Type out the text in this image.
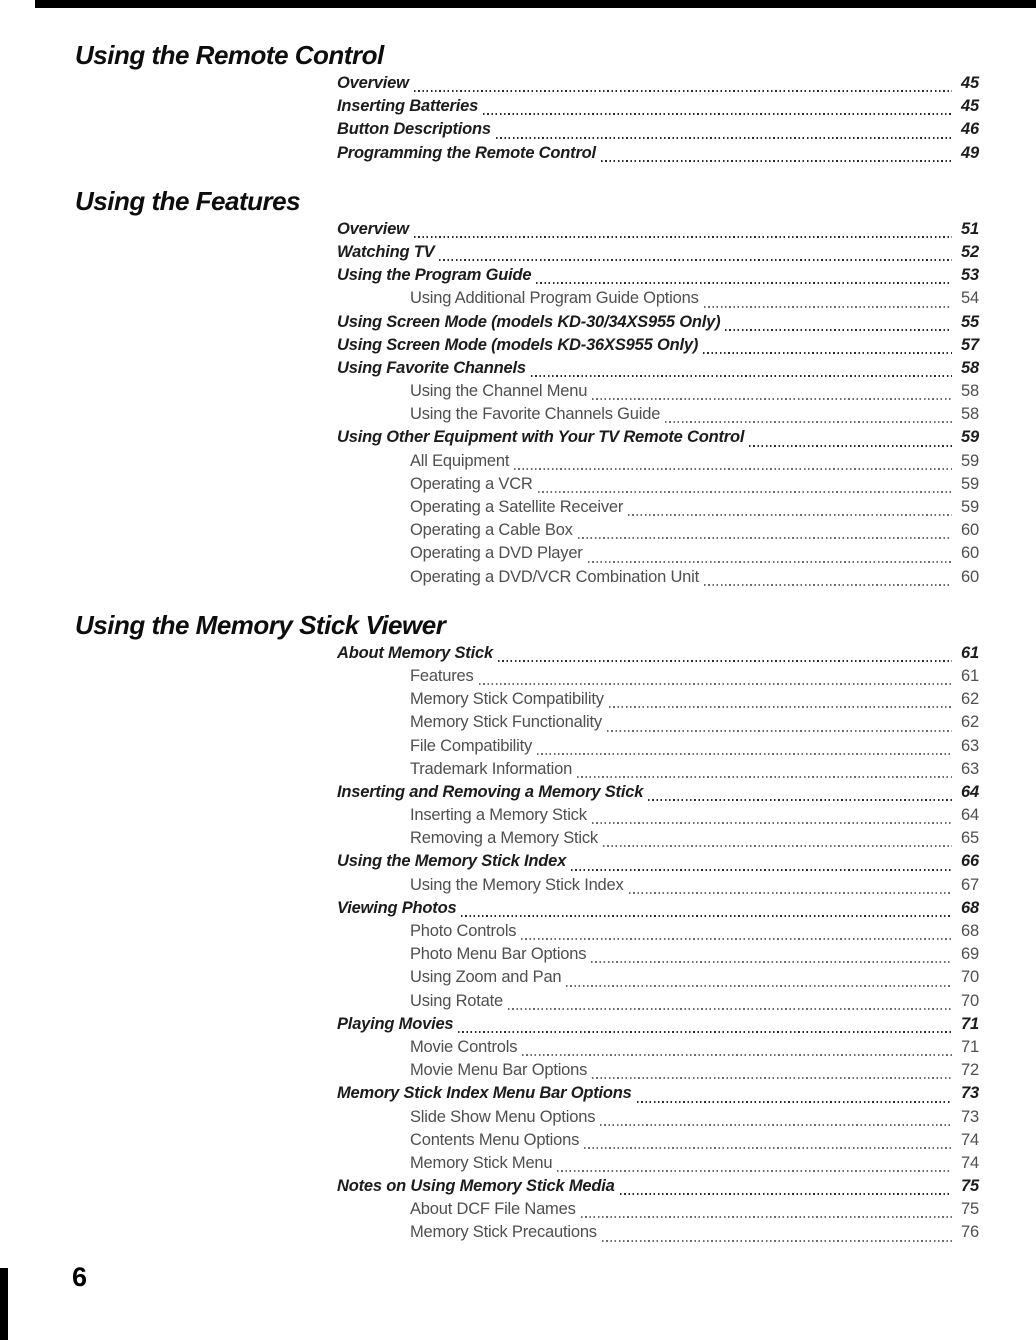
Using the Remote Control
Overview	45
Inserting Batteries	45
Button Descriptions	46
Programming the Remote Control	49
Using the Features
Overview	51
Watching TV	52
Using the Program Guide	53
Using Additional Program Guide Options	54
Using Screen Mode (models KD-30/34XS955 Only)	55
Using Screen Mode (models KD-36XS955 Only)	57
Using Favorite Channels	58
Using the Channel Menu	58
Using the Favorite Channels Guide	58
Using Other Equipment with Your TV Remote Control	59
All Equipment	59
Operating a VCR	59
Operating a Satellite Receiver	59
Operating a Cable Box	60
Operating a DVD Player	60
Operating a DVD/VCR Combination Unit	60
Using the Memory Stick Viewer
About Memory Stick	61
Features	61
Memory Stick Compatibility	62
Memory Stick Functionality	62
File Compatibility	63
Trademark Information	63
Inserting and Removing a Memory Stick	64
Inserting a Memory Stick	64
Removing a Memory Stick	65
Using the Memory Stick Index	66
Using the Memory Stick Index	67
Viewing Photos	68
Photo Controls	68
Photo Menu Bar Options	69
Using Zoom and Pan	70
Using Rotate	70
Playing Movies	71
Movie Controls	71
Movie Menu Bar Options	72
Memory Stick Index Menu Bar Options	73
Slide Show Menu Options	73
Contents Menu Options	74
Memory Stick Menu	74
Notes on Using Memory Stick Media	75
About DCF File Names	75
Memory Stick Precautions	76
6
